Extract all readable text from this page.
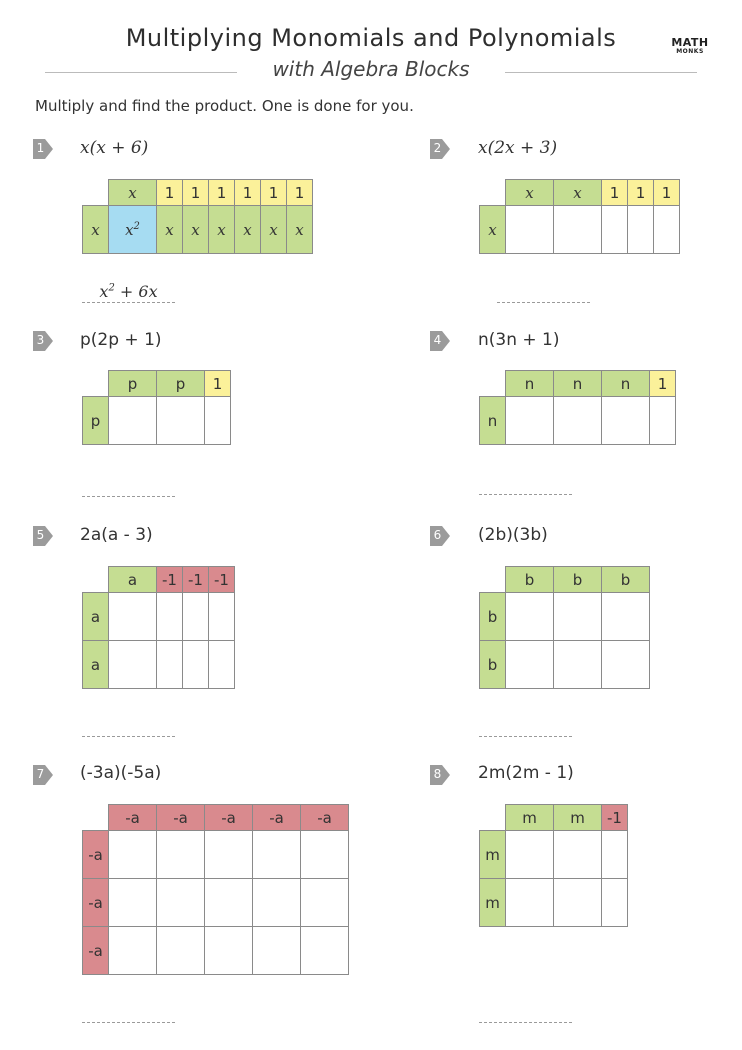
Multiplying Monomials and Polynomials
with Algebra Blocks
MATH
MONKS
Multiply and find the product. One is done for you.
1 x(x + 6)
	x	1	1	1	1	1	1
x	$x^2$	x	x	x	x	x	x
$x^2 + 6x$
2 x(2x + 3)
	x	x	1	1	1
x					
3 p(2p + 1)
	p	p	1
p			
4 n(3n + 1)
	n	n	n	1
n				
5 2a(a - 3)
	a	-1	-1	-1
a				
a				
6 (2b)(3b)
	b	b	b
b			
b			
7 (-3a)(-5a)
	-a	-a	-a	-a	-a
-a					
-a					
-a					
8 2m(2m - 1)
	m	m	-1
m			
m			
